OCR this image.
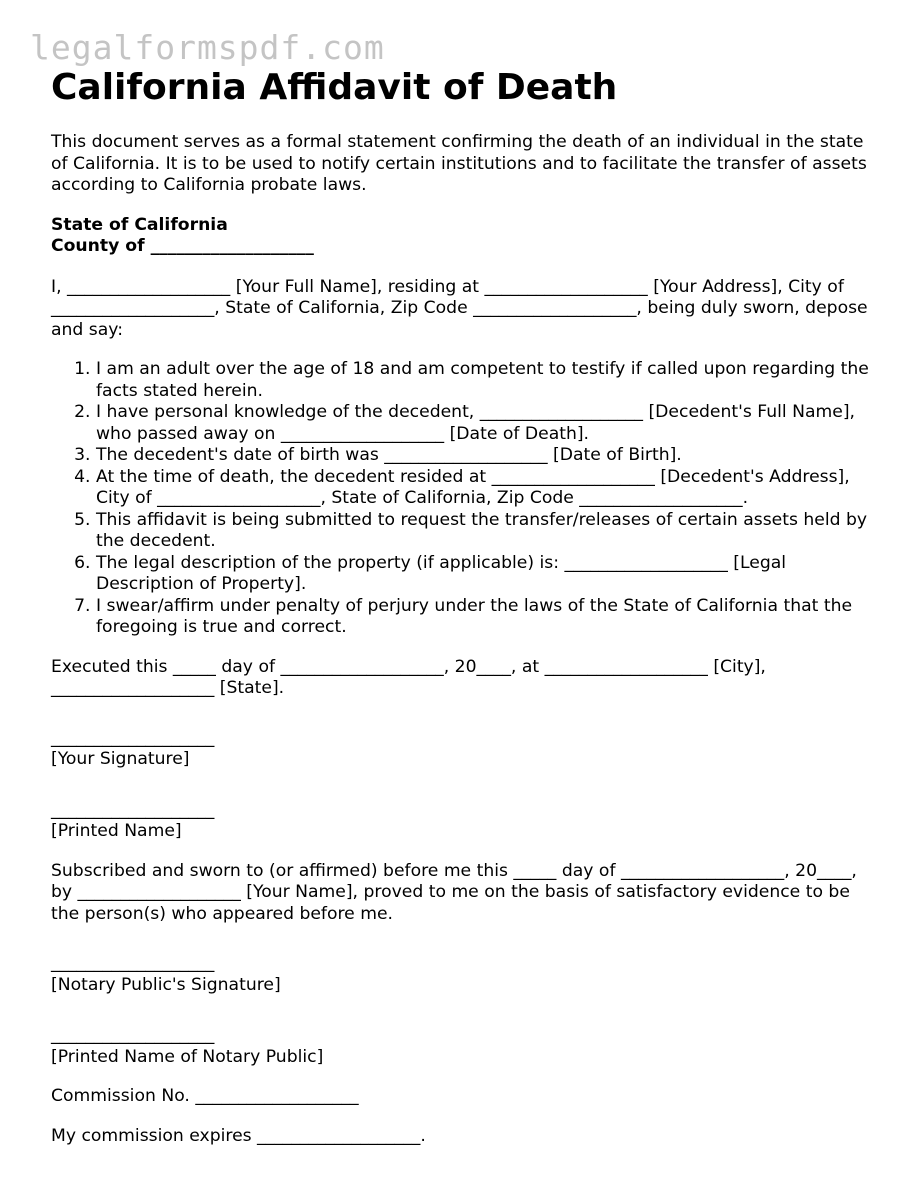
legalformspdf.com
California Affidavit of Death

This document serves as a formal statement confirming the death of an individual in the state of California. It is to be used to notify certain institutions and to facilitate the transfer of assets according to California probate laws.

State of California
County of ___________________

I, ___________________ [Your Full Name], residing at ___________________ [Your Address], City of ___________________, State of California, Zip Code ___________________, being duly sworn, depose and say:

1. I am an adult over the age of 18 and am competent to testify if called upon regarding the facts stated herein.
2. I have personal knowledge of the decedent, ___________________ [Decedent's Full Name], who passed away on ___________________ [Date of Death].
3. The decedent's date of birth was ___________________ [Date of Birth].
4. At the time of death, the decedent resided at ___________________ [Decedent's Address], City of ___________________, State of California, Zip Code ___________________.
5. This affidavit is being submitted to request the transfer/releases of certain assets held by the decedent.
6. The legal description of the property (if applicable) is: ___________________ [Legal Description of Property].
7. I swear/affirm under penalty of perjury under the laws of the State of California that the foregoing is true and correct.

Executed this _____ day of ___________________, 20____, at ___________________ [City], ___________________ [State].

___________________
[Your Signature]
___________________
[Printed Name]

Subscribed and sworn to (or affirmed) before me this _____ day of ___________________, 20____, by ___________________ [Your Name], proved to me on the basis of satisfactory evidence to be the person(s) who appeared before me.

___________________
[Notary Public's Signature]
___________________
[Printed Name of Notary Public]

Commission No. ___________________

My commission expires ___________________.
